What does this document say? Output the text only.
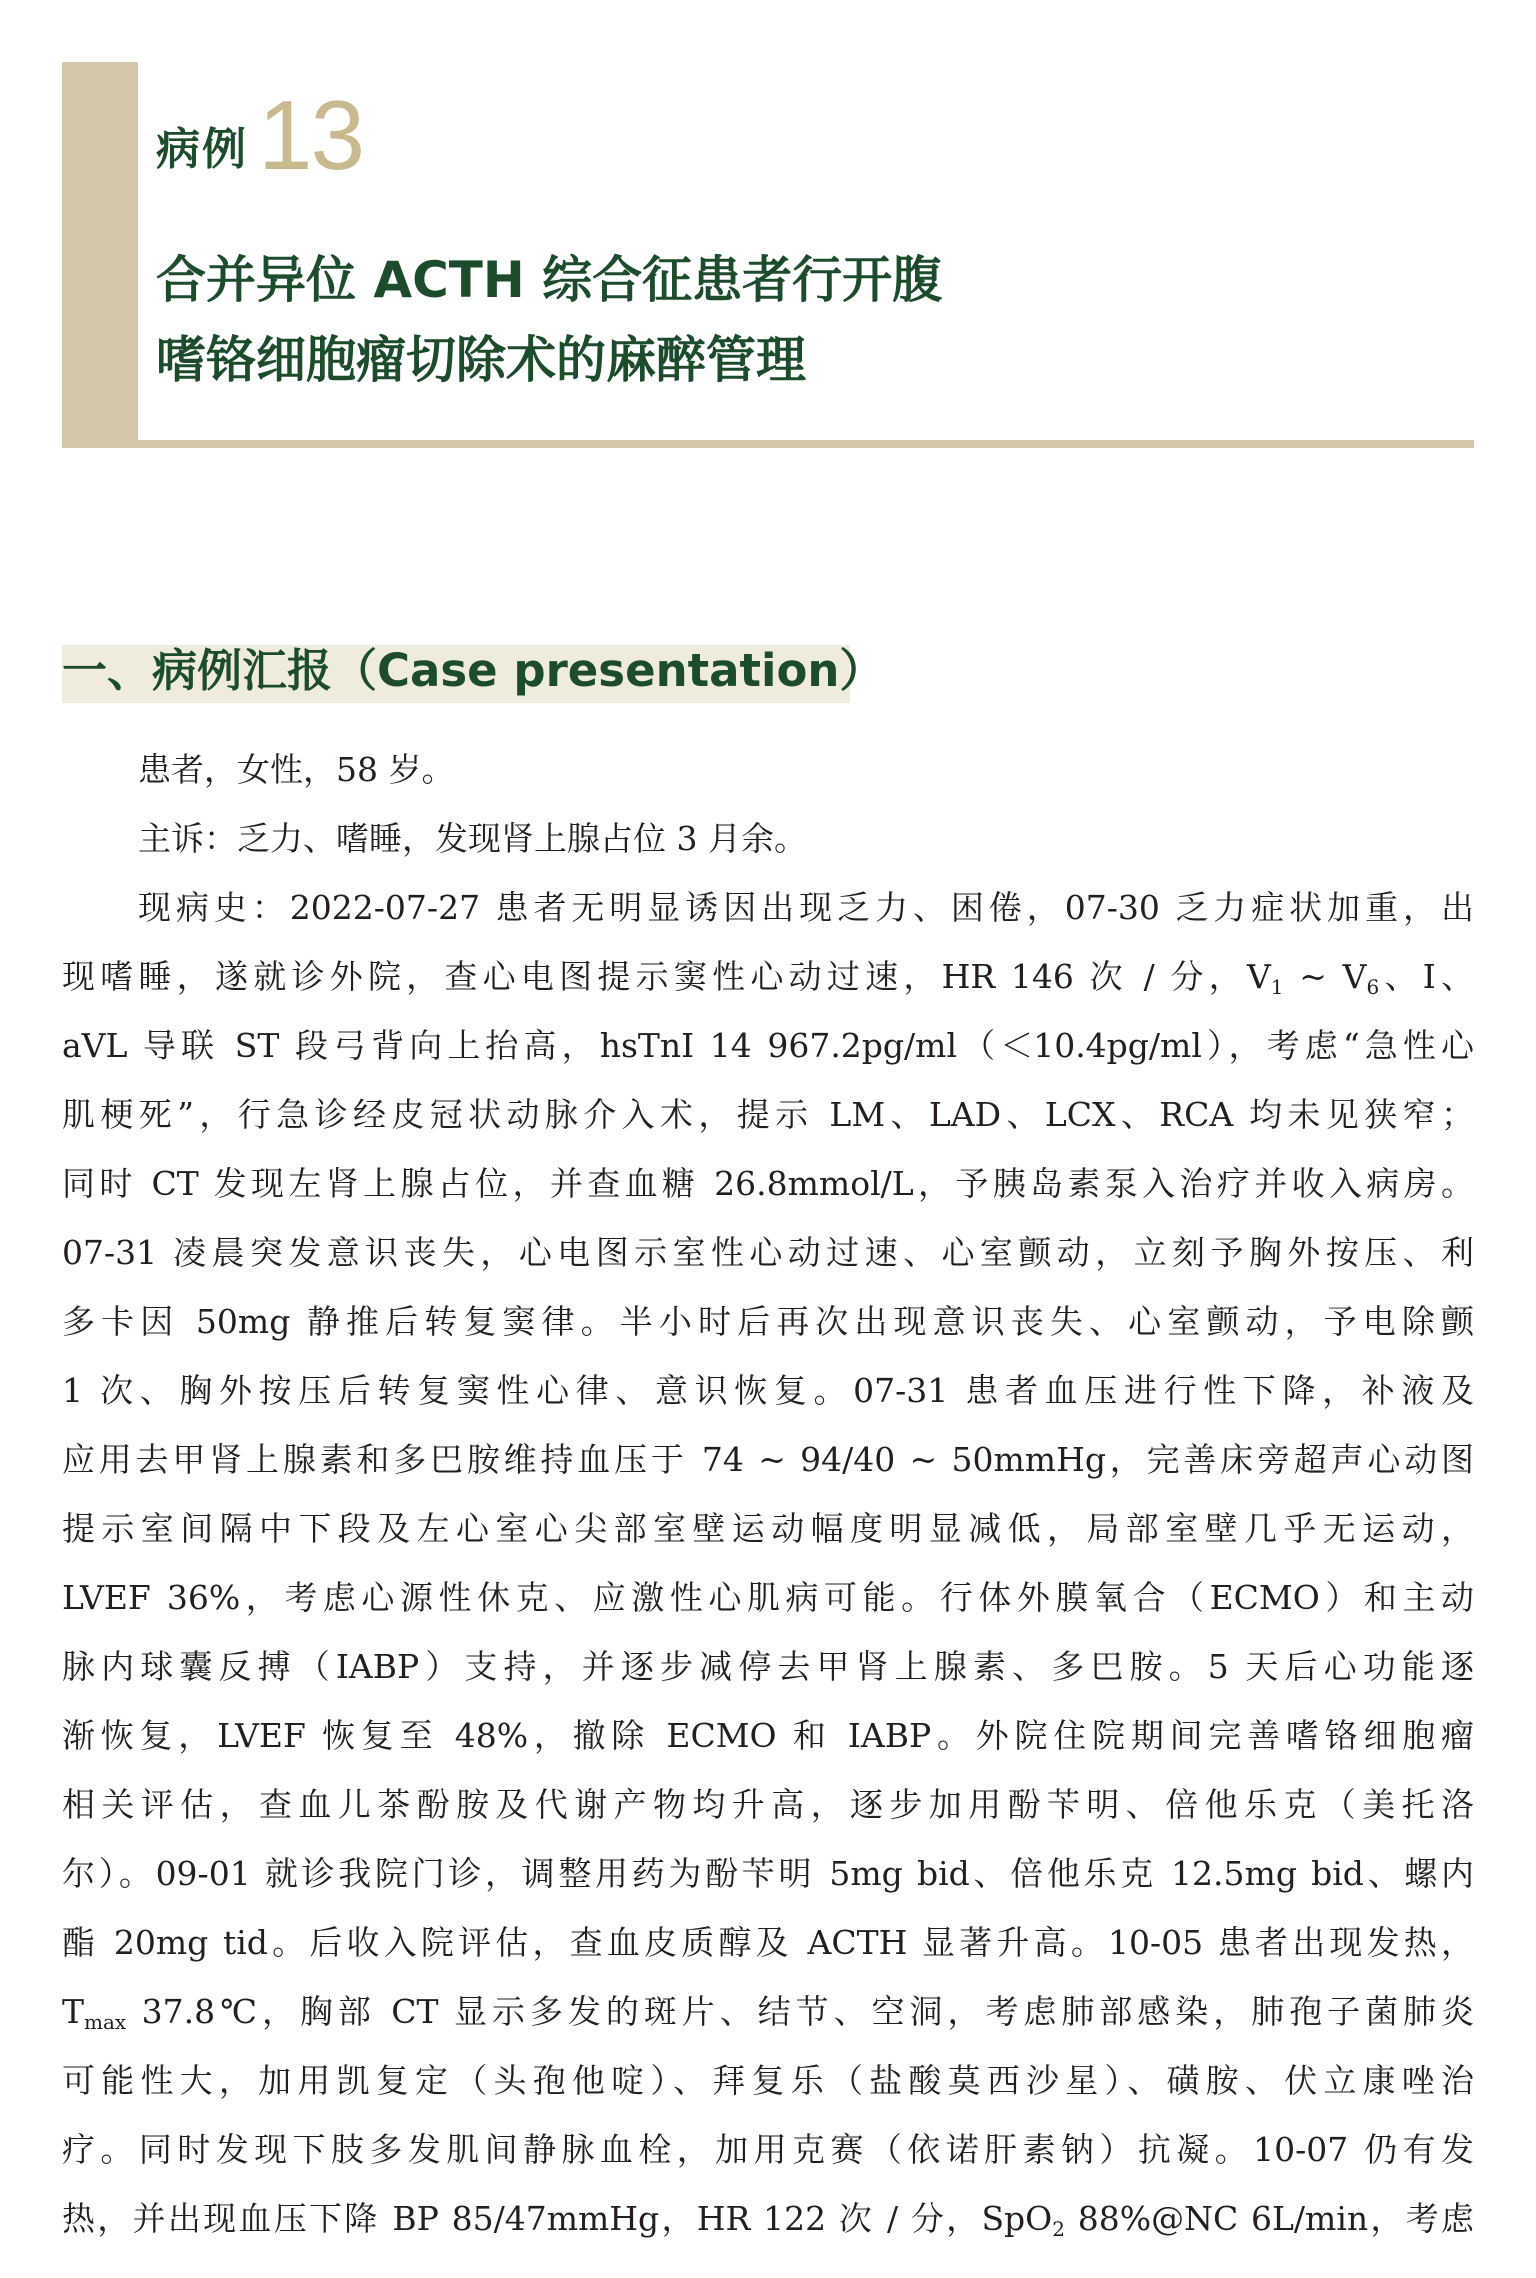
病例 13
合并异位 ACTH 综合征患者行开腹
嗜铬细胞瘤切除术的麻醉管理
一、病例汇报（Case presentation）
患者，女性，58 岁。
主诉：乏力、嗜睡，发现肾上腺占位 3 月余。
现病史：2022-07-27 患者无明显诱因出现乏力、困倦，07-30 乏力症状加重，出
现嗜睡，遂就诊外院，查心电图提示窦性心动过速，HR 146 次 / 分，$V_1$ ~ $V_6$、I、
aVL 导联 ST 段弓背向上抬高，hsTnI 14 967.2pg/ml（＜10.4pg/ml），考虑“急性心
肌梗死”，行急诊经皮冠状动脉介入术，提示 LM、LAD、LCX、RCA 均未见狭窄；
同时 CT 发现左肾上腺占位，并查血糖 26.8mmol/L，予胰岛素泵入治疗并收入病房。
07-31 凌晨突发意识丧失，心电图示室性心动过速、心室颤动，立刻予胸外按压、利
多卡因 50mg 静推后转复窦律。半小时后再次出现意识丧失、心室颤动，予电除颤
1 次、胸外按压后转复窦性心律、意识恢复。07-31 患者血压进行性下降，补液及
应用去甲肾上腺素和多巴胺维持血压于 74 ~ 94/40 ~ 50mmHg，完善床旁超声心动图
提示室间隔中下段及左心室心尖部室壁运动幅度明显减低，局部室壁几乎无运动，
LVEF 36%，考虑心源性休克、应激性心肌病可能。行体外膜氧合（ECMO）和主动
脉内球囊反搏（IABP）支持，并逐步减停去甲肾上腺素、多巴胺。5 天后心功能逐
渐恢复，LVEF 恢复至 48%，撤除 ECMO 和 IABP。外院住院期间完善嗜铬细胞瘤
相关评估，查血儿茶酚胺及代谢产物均升高，逐步加用酚苄明、倍他乐克（美托洛
尔）。09-01 就诊我院门诊，调整用药为酚苄明 5mg bid、倍他乐克 12.5mg bid、螺内
酯 20mg tid。后收入院评估，查血皮质醇及 ACTH 显著升高。10-05 患者出现发热，
$T_{max}$ 37.8℃，胸部 CT 显示多发的斑片、结节、空洞，考虑肺部感染，肺孢子菌肺炎
可能性大，加用凯复定（头孢他啶）、拜复乐（盐酸莫西沙星）、磺胺、伏立康唑治
疗。同时发现下肢多发肌间静脉血栓，加用克赛（依诺肝素钠）抗凝。10-07 仍有发
热，并出现血压下降 BP 85/47mmHg，HR 122 次 / 分，SpO$_2$ 88%@NC 6L/min，考虑
